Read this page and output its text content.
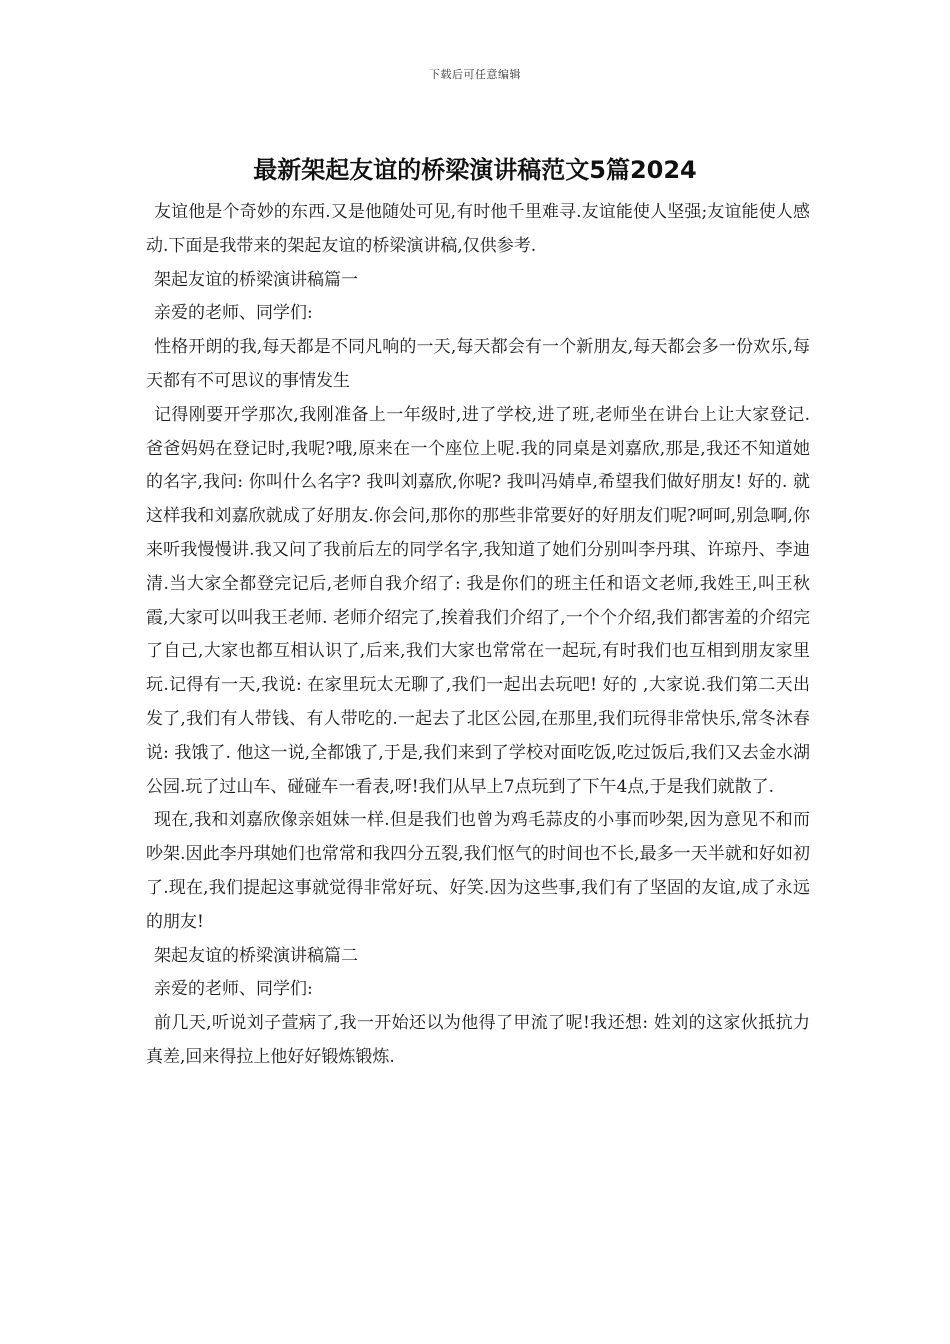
下载后可任意编辑
最新架起友谊的桥梁演讲稿范文5篇2024

友谊他是个奇妙的东西.又是他随处可见,有时他千里难寻.友谊能使人坚强;友谊能使人感动.下面是我带来的架起友谊的桥梁演讲稿,仅供参考.

架起友谊的桥梁演讲稿篇一

亲爱的老师、同学们:

性格开朗的我,每天都是不同凡响的一天,每天都会有一个新朋友,每天都会多一份欢乐,每天都有不可思议的事情发生

记得刚要开学那次,我刚准备上一年级时,进了学校,进了班,老师坐在讲台上让大家登记.爸爸妈妈在登记时,我呢?哦,原来在一个座位上呢.我的同桌是刘嘉欣,那是,我还不知道她的名字,我问: 你叫什么名字? 我叫刘嘉欣,你呢? 我叫冯婧卓,希望我们做好朋友! 好的. 就这样我和刘嘉欣就成了好朋友.你会问,那你的那些非常要好的好朋友们呢?呵呵,别急啊,你来听我慢慢讲.我又问了我前后左的同学名字,我知道了她们分别叫李丹琪、许琼丹、李迪清.当大家全都登完记后,老师自我介绍了: 我是你们的班主任和语文老师,我姓王,叫王秋霞,大家可以叫我王老师. 老师介绍完了,挨着我们介绍了,一个个介绍,我们都害羞的介绍完了自己,大家也都互相认识了,后来,我们大家也常常在一起玩,有时我们也互相到朋友家里玩.记得有一天,我说: 在家里玩太无聊了,我们一起出去玩吧! 好的 ,大家说.我们第二天出发了,我们有人带钱、有人带吃的.一起去了北区公园,在那里,我们玩得非常快乐,常冬沐春说: 我饿了. 他这一说,全都饿了,于是,我们来到了学校对面吃饭,吃过饭后,我们又去金水湖公园.玩了过山车、碰碰车一看表,呀!我们从早上7点玩到了下午4点,于是我们就散了.

现在,我和刘嘉欣像亲姐妹一样.但是我们也曾为鸡毛蒜皮的小事而吵架,因为意见不和而吵架.因此李丹琪她们也常常和我四分五裂,我们怄气的时间也不长,最多一天半就和好如初了.现在,我们提起这事就觉得非常好玩、好笑.因为这些事,我们有了坚固的友谊,成了永远的朋友!

架起友谊的桥梁演讲稿篇二

亲爱的老师、同学们:

前几天,听说刘子萱病了,我一开始还以为他得了甲流了呢!我还想: 姓刘的这家伙抵抗力真差,回来得拉上他好好锻炼锻炼.
